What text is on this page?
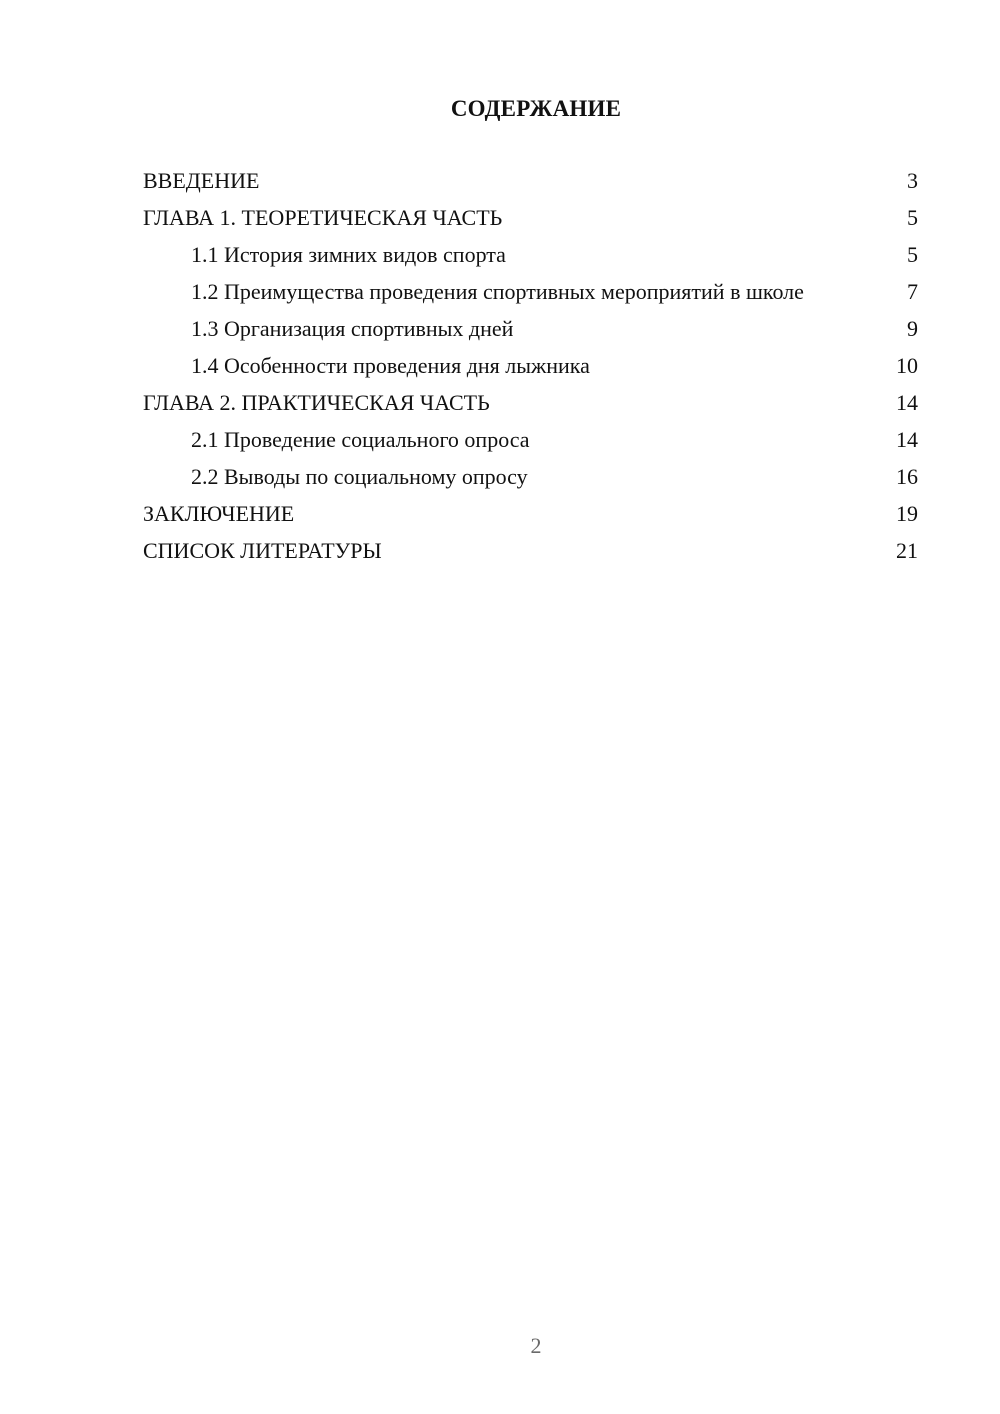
СОДЕРЖАНИЕ
ВВЕДЕНИЕ	3
ГЛАВА 1. ТЕОРЕТИЧЕСКАЯ ЧАСТЬ	5
1.1 История зимних видов спорта	5
1.2 Преимущества проведения спортивных мероприятий в школе	7
1.3 Организация спортивных дней	9
1.4 Особенности проведения дня лыжника	10
ГЛАВА 2. ПРАКТИЧЕСКАЯ ЧАСТЬ	14
2.1 Проведение социального опроса	14
2.2 Выводы по социальному опросу	16
ЗАКЛЮЧЕНИЕ	19
СПИСОК ЛИТЕРАТУРЫ	21
2
